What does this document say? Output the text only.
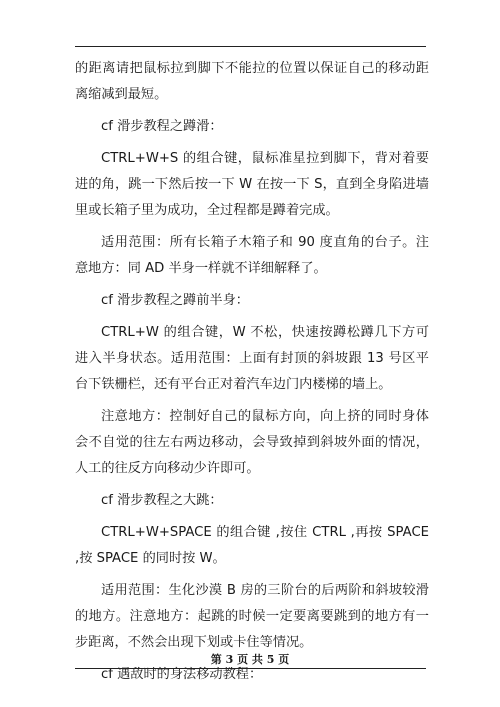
的距离请把鼠标拉到脚下不能拉的位置以保证自己的移动距离缩减到最短。

cf 滑步教程之蹲滑：

CTRL+W+S 的组合键，鼠标准星拉到脚下，背对着要进的角，跳一下然后按一下 W 在按一下 S，直到全身陷进墙里或长箱子里为成功，全过程都是蹲着完成。

适用范围：所有长箱子木箱子和 90 度直角的台子。注意地方：同 AD 半身一样就不详细解释了。

cf 滑步教程之蹲前半身：

CTRL+W 的组合键，W 不松，快速按蹲松蹲几下方可进入半身状态。适用范围：上面有封顶的斜坡跟 13 号区平台下铁栅栏，还有平台正对着汽车边门内楼梯的墙上。

注意地方：控制好自己的鼠标方向，向上挤的同时身体会不自觉的往左右两边移动，会导致掉到斜坡外面的情况，人工的往反方向移动少许即可。

cf 滑步教程之大跳：

CTRL+W+SPACE 的组合键 ,按住 CTRL ,再按 SPACE ,按 SPACE 的同时按 W。

适用范围：生化沙漠 B 房的三阶台的后两阶和斜坡较滑的地方。注意地方：起跳的时候一定要离要跳到的地方有一步距离，不然会出现下划或卡住等情况。

cf 遇敌时的身法移动教程：

第 3 页 共 5 页
